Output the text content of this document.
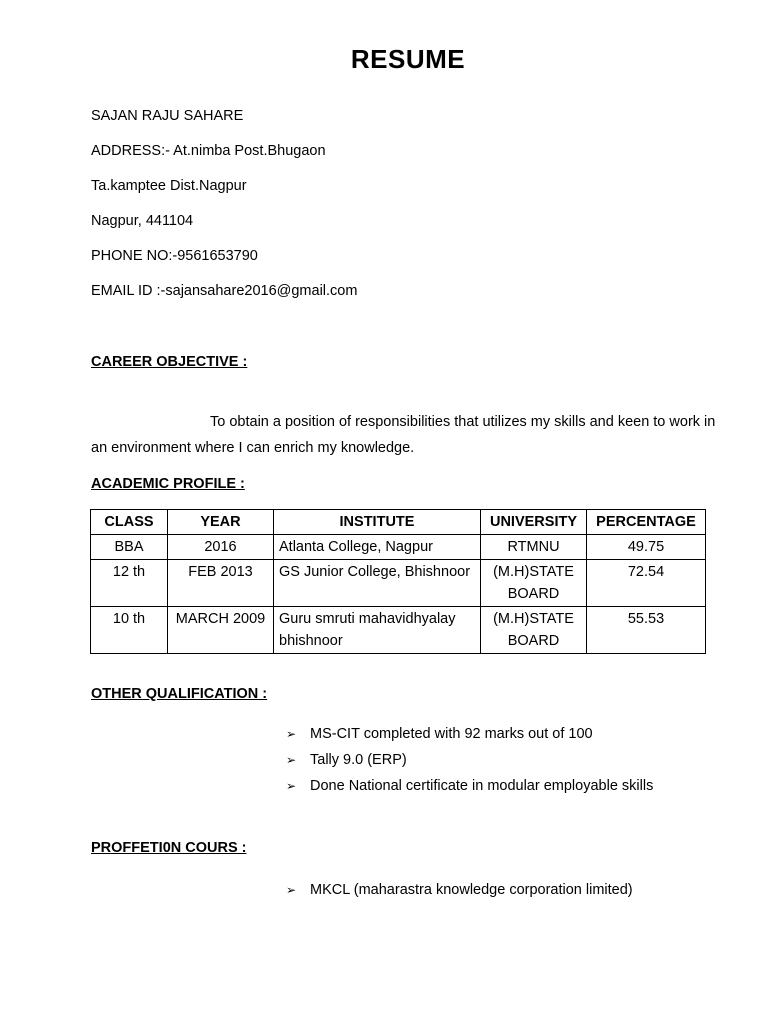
RESUME
SAJAN RAJU SAHARE
ADDRESS:- At.nimba Post.Bhugaon
Ta.kamptee Dist.Nagpur
Nagpur, 441104
PHONE NO:-9561653790
EMAIL ID :-sajansahare2016@gmail.com
CAREER OBJECTIVE :
To obtain a position of responsibilities that utilizes my skills and keen to work in an environment where I can enrich my knowledge.
ACADEMIC PROFILE :
CLASS	YEAR	INSTITUTE	UNIVERSITY	PERCENTAGE
BBA	2016	Atlanta College, Nagpur	RTMNU	49.75
12 th	FEB 2013	GS Junior College, Bhishnoor	(M.H)STATE BOARD	72.54
10 th	MARCH 2009	Guru smruti mahavidhyalay bhishnoor	(M.H)STATE BOARD	55.53
OTHER QUALIFICATION :
➢ MS-CIT completed with 92 marks out of 100
➢ Tally 9.0 (ERP)
➢ Done National certificate in modular employable skills
PROFFETI0N COURS :
➢ MKCL (maharastra knowledge corporation limited)
